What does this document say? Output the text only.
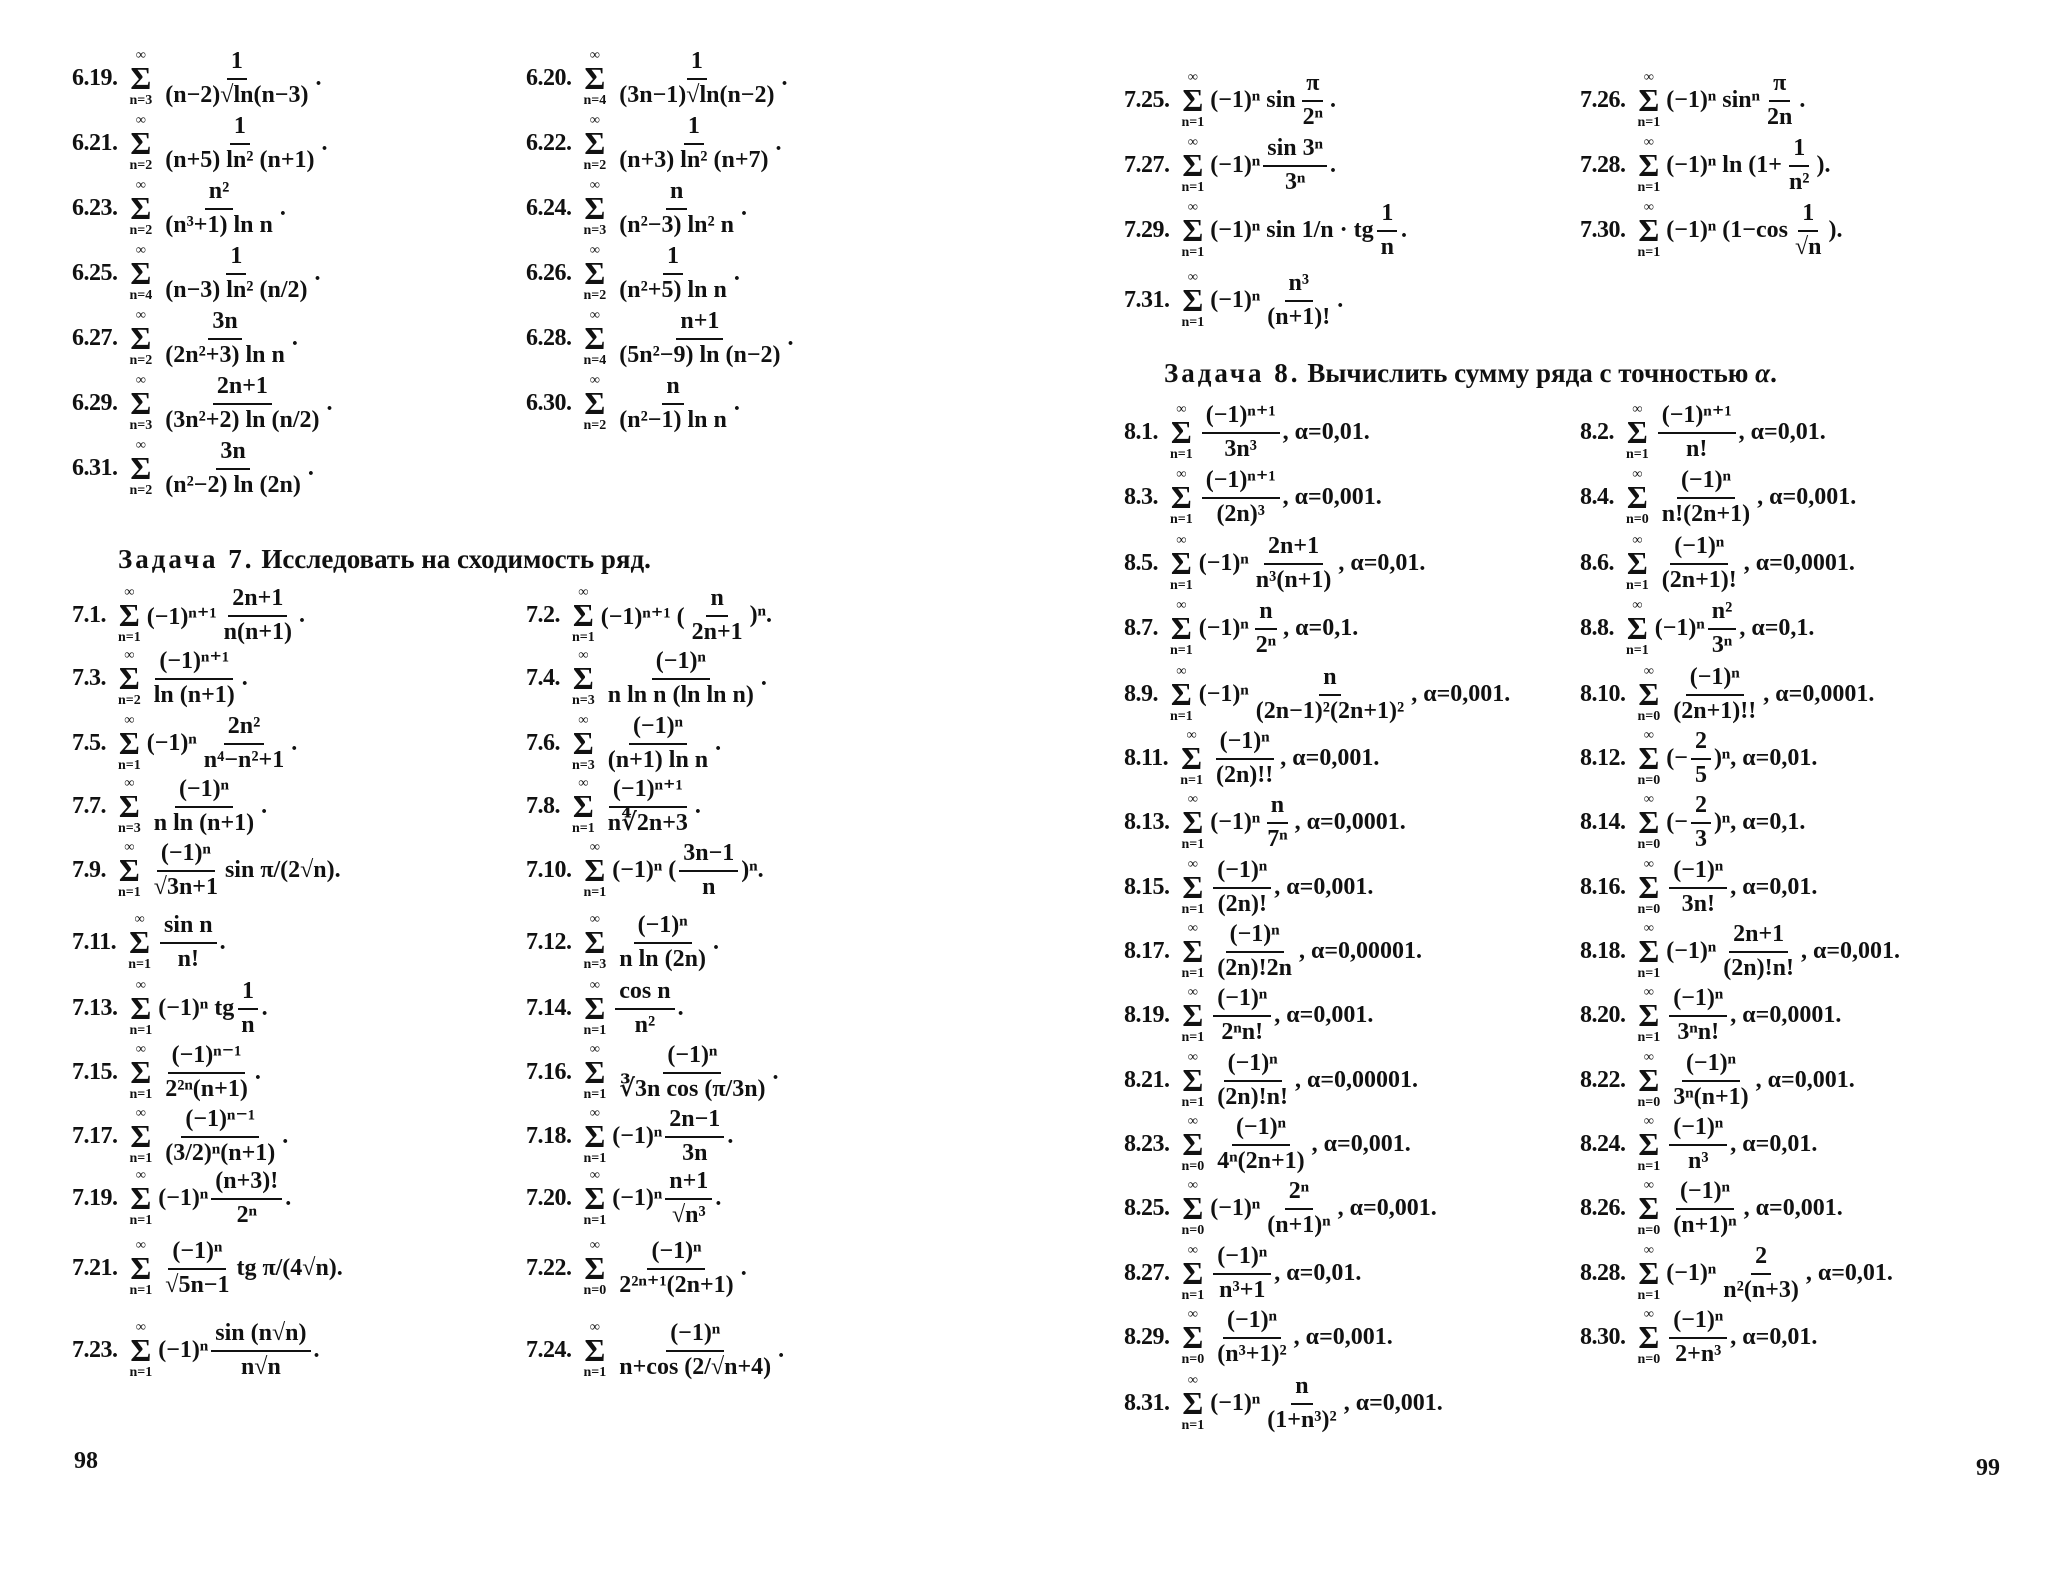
Задача 7. Исследовать на сходимость ряд.
6.19.
∞
Σ
$n=3 \frac{1}{(n-2)√\ln(n-3)}$ .	6.20.
∞
Σ
$n=4 \frac{1}{(3n-1)√\ln(n-2)}$ .
6.21.
∞
Σ
$n=2 \frac{1}{\text{(n+5) ln² (n+1)}}$ .	6.22.
∞
Σ
$n=2 \frac{1}{\text{(n+3) ln² (n+7)}}$ .
6.23.
∞
Σ
$n=2 \frac{\text{n²}}{\text{(n³+1) ln n}}$ .	6.24.
∞
Σ
$n=3 \frac{n}{\text{(n²−3) ln² n}}$ .
6.25.
∞
Σ
$n=4 \frac{1}{\text{(n−3) ln² (n/2)}}$ .	6.26.
∞
Σ
$n=2 \frac{1}{\text{(n²+5) ln n}}$ .
6.27.
∞
Σ
$n=2 \frac{3n}{\text{(2n²+3) ln n}}$ .	6.28.
∞
Σ
$n=4 \frac{n+1}{\text{(5n²−9) ln (n−2)}}$ .
6.29.
∞
Σ
$n=3 \frac{2n+1}{\text{(3n²+2) ln (n/2)}}$ .	6.30.
∞
Σ
$n=2 \frac{n}{\text{(n²−1) ln n}}$ .
6.31.
∞
Σ
$n=2 \frac{3n}{\text{(n²−2) ln (2n)}}$ .
7.1.
∞
Σ
n=1
$(-1)^{n+1} \frac{2n+1}{n(n+1)}$ .	7.2.
∞
Σ
n=1
(−1)ⁿ⁺¹ ( $\frac{n}{2n+1} )^n$.
7.3.
∞
Σ
$n=2 \frac{\text{(−1)ⁿ⁺¹}}{\ln (n+1)}$ .	7.4.
∞
Σ
$n=3 \frac{\text{(−1)ⁿ}}{\text{n ln n (ln ln n)}}$ .
7.5.
∞
Σ
n=1
$(-1)^n \frac{\text{2n²}}{\text{n⁴−n²+1}}$ .	7.6.
∞
Σ
$n=3 \frac{\text{(−1)ⁿ}}{\text{(n+1) ln n}}$ .
7.7.
∞
Σ
$n=3 \frac{\text{(−1)ⁿ}}{\text{n ln (n+1)}}$ .	7.8.
∞
Σ
$n=1 \frac{\text{(−1)ⁿ⁺¹}}{n∜2n+3}$ .
7.9.
∞
Σ
$n=1 \frac{\text{(−1)ⁿ}}{√3n+1}$ sin π/(2√n).	7.10.
∞
Σ
n=1
(−1)ⁿ ( $\frac{3n-1}{n} )^n$.
7.11.
∞
Σ
$n=1 \frac{\text{sin n}}{n!}$ .	7.12.
∞
Σ
$n=3 \frac{\text{(−1)ⁿ}}{\text{n ln (2n)}}$ .
7.13.
∞
Σ
n=1
(−1)ⁿ tg $\frac{1}{n}$ .	7.14.
∞
Σ
$n=1 \frac{\text{cos n}}{\text{n²}}$ .
7.15.
∞
Σ
$n=1 \frac{\text{(−1)ⁿ⁻¹}}{\text{2²ⁿ(n+1)}}$ .	7.16.
∞
Σ
$n=1 \frac{\text{(−1)ⁿ}}{\text{∛3n cos (π/3n)}}$ .
7.17.
∞
Σ
$n=1 \frac{\text{(−1)ⁿ⁻¹}}{\text{(3/2)ⁿ(n+1)}}$ .	7.18.
∞
Σ
n=1
$(-1)^n \frac{2n-1}{3n}$ .
7.19.
∞
Σ
n=1
$(-1)^n \frac{(n+3)!}{\text{2ⁿ}}$ .	7.20.
∞
Σ
n=1
$(-1)^n \frac{n+1}{\text{√n³}}$ .
7.21.
∞
Σ
$n=1 \frac{\text{(−1)ⁿ}}{√5n-1}$ tg π/(4√n).	7.22.
∞
Σ
$n=0 \frac{\text{(−1)ⁿ}}{\text{2²ⁿ⁺¹(2n+1)}}$ .
7.23.
∞
Σ
n=1
$(-1)^n \frac{\sin (n√n)}{n√n}$ .	7.24.
∞
Σ
$n=1 \frac{\text{(−1)ⁿ}}{n+\cos (2/√n+4)}$ .
98
Задача 8. Вычислить сумму ряда с точностью α.
7.25.
∞
Σ
n=1
(−1)ⁿ $\sin \frac{\pi}{\text{2ⁿ}}$ .	7.26.
∞
Σ
n=1
(−1)ⁿ sinⁿ $\frac{\pi}{2n}$ .
7.27.
∞
Σ
n=1
$(-1)^n \frac{\text{sin 3ⁿ}}{\text{3ⁿ}}$ .	7.28.
∞
Σ
n=1
(−1)ⁿ $\ln (1+ \frac{1}{\text{n²}}$ ).
7.29.
∞
Σ
n=1
(−1)ⁿ sin 1/n · tg $\frac{1}{n}$ .	7.30.
∞
Σ
n=1
(−1)ⁿ ($1-\cos \frac{1}{√n}$ ).
7.31.
∞
Σ
n=1
$(-1)^n \frac{\text{n³}}{(n+1)!}$ .
8.1.
∞
Σ
$n=1 \frac{\text{(−1)ⁿ⁺¹}}{\text{3n³}}$ , α=0,01.	8.2.
∞
Σ
$n=1 \frac{\text{(−1)ⁿ⁺¹}}{n!}$ , α=0,01.
8.3.
∞
Σ
$n=1 \frac{\text{(−1)ⁿ⁺¹}}{\text{(2n)³}}$ , α=0,001.	8.4.
∞
Σ
$n=0 \frac{\text{(−1)ⁿ}}{n!(2n+1)}$ , α=0,001.
8.5.
∞
Σ
n=1
$(-1)^n \frac{2n+1}{\text{n³(n+1)}}$ , α=0,01.	8.6.
∞
Σ
$n=1 \frac{\text{(−1)ⁿ}}{(2n+1)!}$ , α=0,0001.
8.7.
∞
Σ
n=1
$(-1)^n \frac{n}{\text{2ⁿ}}$ , α=0,1.	8.8.
∞
Σ
n=1
$(-1)^n \frac{\text{n²}}{\text{3ⁿ}}$ , α=0,1.
8.9.
∞
Σ
n=1
$(-1)^n \frac{n}{\text{(2n−1)²(2n+1)²}}$ , α=0,001.	8.10.
∞
Σ
$n=0 \frac{\text{(−1)ⁿ}}{(2n+1)!!}$ , α=0,0001.
8.11.
∞
Σ
$n=1 \frac{\text{(−1)ⁿ}}{(2n)!!}$ , α=0,001.	8.12.
∞
Σ
n=0
(− $\frac{2}{5} )^n$, α=0,01.
8.13.
∞
Σ
n=1
$(-1)^n \frac{n}{\text{7ⁿ}}$ , α=0,0001.	8.14.
∞
Σ
n=0
(− $\frac{2}{3} )^n$, α=0,1.
8.15.
∞
Σ
$n=1 \frac{\text{(−1)ⁿ}}{(2n)!}$ , α=0,001.	8.16.
∞
Σ
$n=0 \frac{\text{(−1)ⁿ}}{3n!}$ , α=0,01.
8.17.
∞
Σ
$n=1 \frac{\text{(−1)ⁿ}}{(2n)!2n}$ , α=0,00001.	8.18.
∞
Σ
n=1
$(-1)^n \frac{2n+1}{(2n)!n!}$ , α=0,001.
8.19.
∞
Σ
$n=1 \frac{\text{(−1)ⁿ}}{\text{2ⁿn!}}$ , α=0,001.	8.20.
∞
Σ
$n=1 \frac{\text{(−1)ⁿ}}{\text{3ⁿn!}}$ , α=0,0001.
8.21.
∞
Σ
$n=1 \frac{\text{(−1)ⁿ}}{(2n)!n!}$ , α=0,00001.	8.22.
∞
Σ
$n=0 \frac{\text{(−1)ⁿ}}{\text{3ⁿ(n+1)}}$ , α=0,001.
8.23.
∞
Σ
$n=0 \frac{\text{(−1)ⁿ}}{\text{4ⁿ(2n+1)}}$ , α=0,001.	8.24.
∞
Σ
$n=1 \frac{\text{(−1)ⁿ}}{\text{n³}}$ , α=0,01.
8.25.
∞
Σ
n=0
$(-1)^n \frac{\text{2ⁿ}}{\text{(n+1)ⁿ}}$ , α=0,001.	8.26.
∞
Σ
$n=0 \frac{\text{(−1)ⁿ}}{\text{(n+1)ⁿ}}$ , α=0,001.
8.27.
∞
Σ
$n=1 \frac{\text{(−1)ⁿ}}{\text{n³+1}}$ , α=0,01.	8.28.
∞
Σ
n=1
$(-1)^n \frac{2}{\text{n²(n+3)}}$ , α=0,01.
8.29.
∞
Σ
$n=0 \frac{\text{(−1)ⁿ}}{\text{(n³+1)²}}$ , α=0,001.	8.30.
∞
Σ
$n=0 \frac{\text{(−1)ⁿ}}{\text{2+n³}}$ , α=0,01.
8.31.
∞
Σ
n=1
$(-1)^n \frac{n}{\text{(1+n³)²}}$ , α=0,001.
99
